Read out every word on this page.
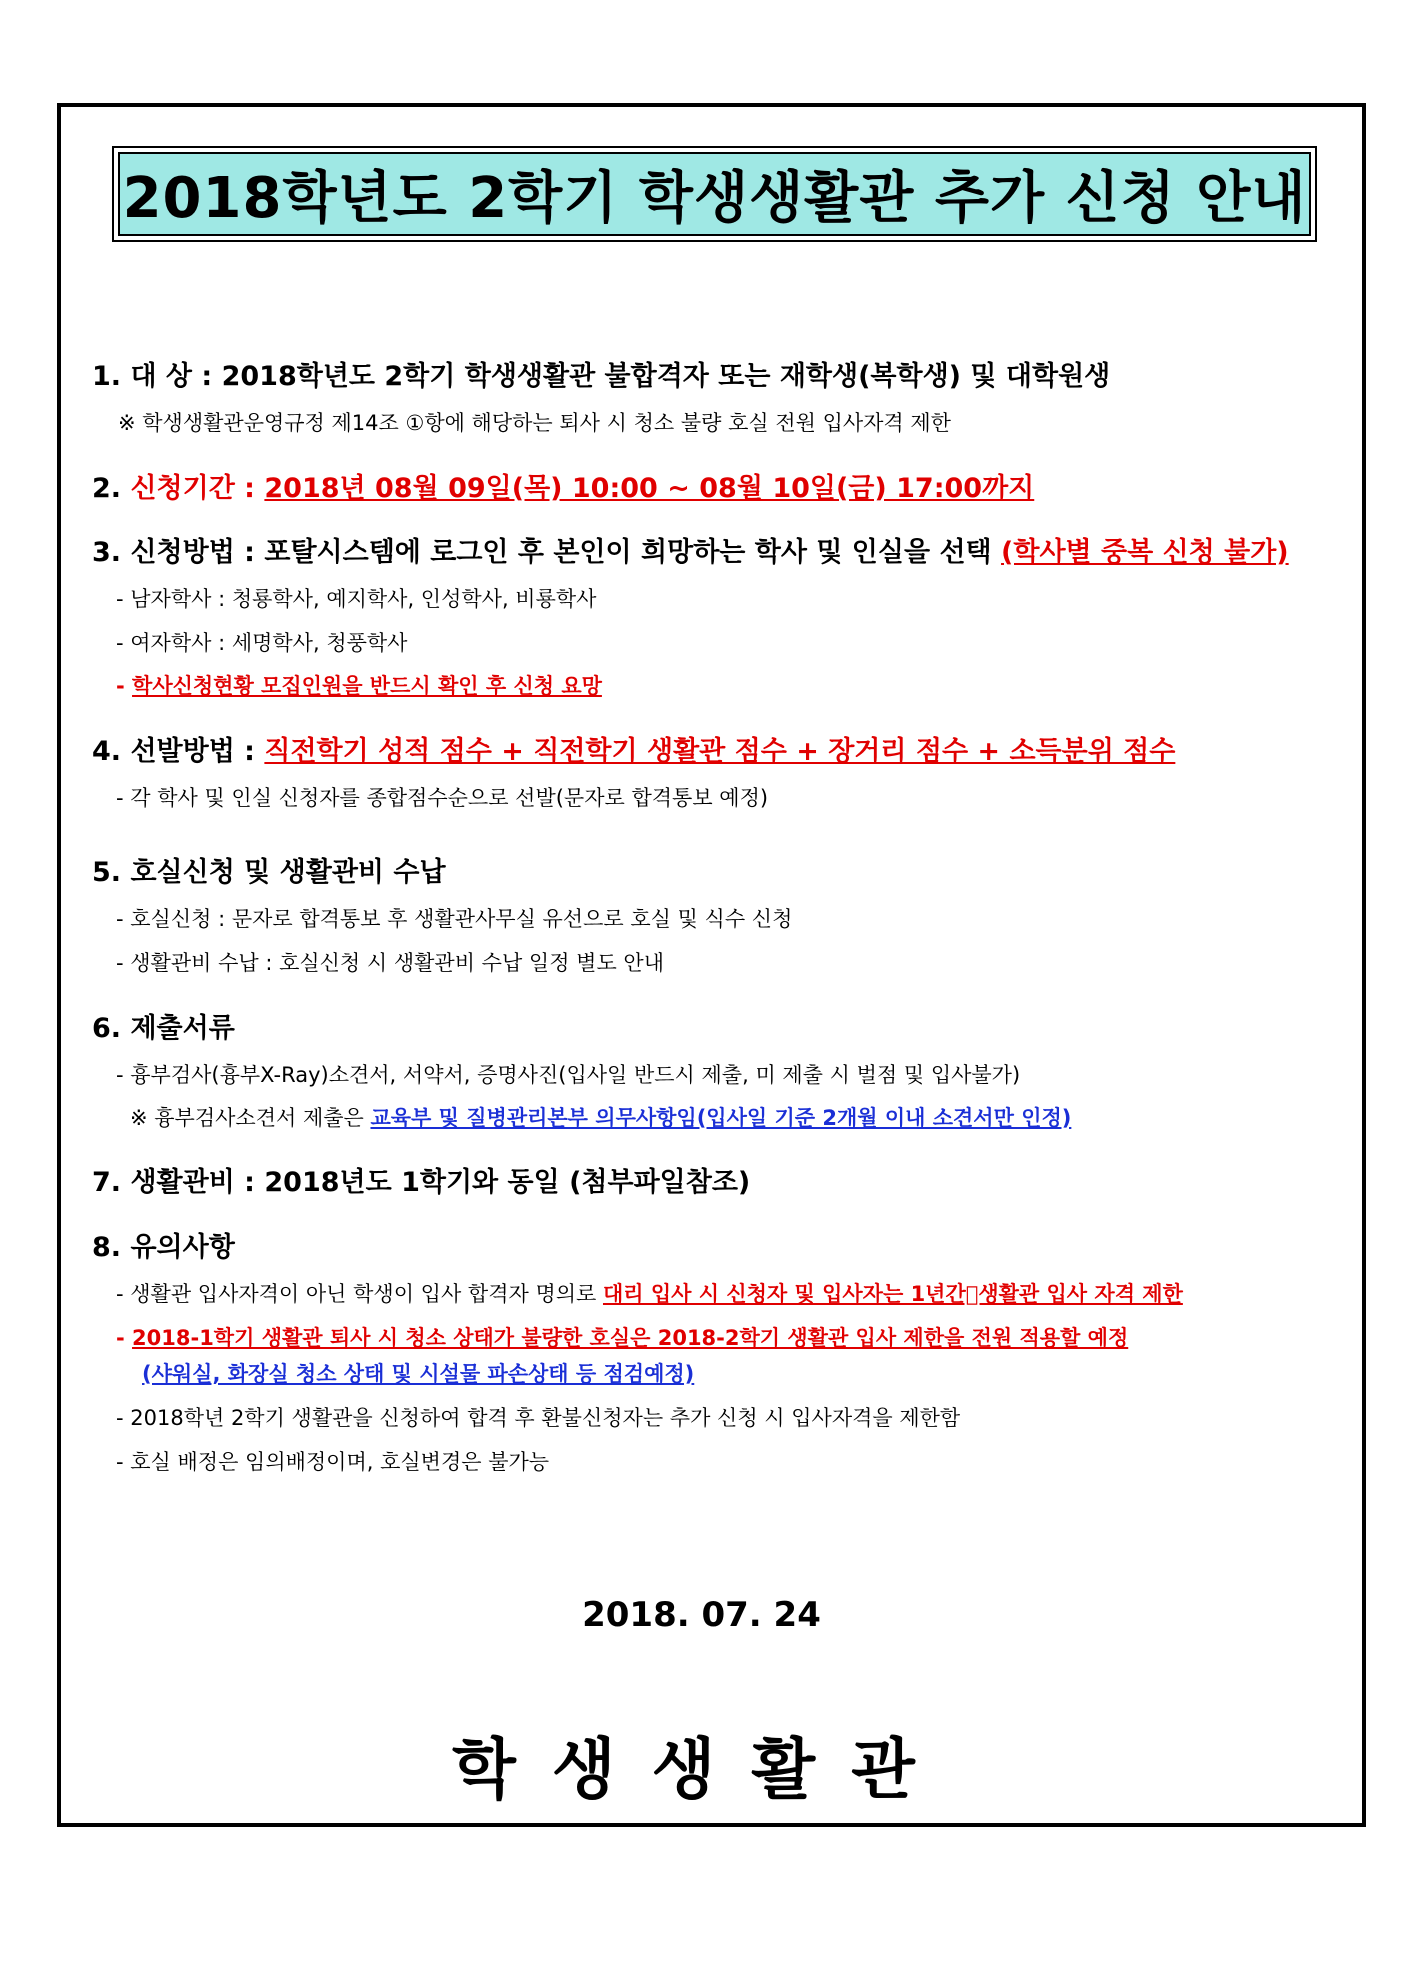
2018학년도 2학기 학생생활관 추가 신청 안내
1. 대 상 : 2018학년도 2학기 학생생활관 불합격자 또는 재학생(복학생) 및 대학원생
※ 학생생활관운영규정 제14조 ①항에 해당하는 퇴사 시 청소 불량 호실 전원 입사자격 제한
2. 신청기간 : 2018년 08월 09일(목) 10:00 ~ 08월 10일(금) 17:00까지
3. 신청방법 : 포탈시스템에 로그인 후 본인이 희망하는 학사 및 인실을 선택 (학사별 중복 신청 불가)
- 남자학사 : 청룡학사, 예지학사, 인성학사, 비룡학사
- 여자학사 : 세명학사, 청풍학사
- 학사신청현황 모집인원을 반드시 확인 후 신청 요망
4. 선발방법 : 직전학기 성적 점수 + 직전학기 생활관 점수 + 장거리 점수 + 소득분위 점수
- 각 학사 및 인실 신청자를 종합점수순으로 선발(문자로 합격통보 예정)
5. 호실신청 및 생활관비 수납
- 호실신청 : 문자로 합격통보 후 생활관사무실 유선으로 호실 및 식수 신청
- 생활관비 수납 : 호실신청 시 생활관비 수납 일정 별도 안내
6. 제출서류
- 흉부검사(흉부X-Ray)소견서, 서약서, 증명사진(입사일 반드시 제출, 미 제출 시 벌점 및 입사불가)
※ 흉부검사소견서 제출은 교육부 및 질병관리본부 의무사항임(입사일 기준 2개월 이내 소견서만 인정)
7. 생활관비 : 2018년도 1학기와 동일 (첨부파일참조)
8. 유의사항
- 생활관 입사자격이 아닌 학생이 입사 합격자 명의로 대리 입사 시 신청자 및 입사자는 1년간 생활관 입사 자격 제한
- 2018-1학기 생활관 퇴사 시 청소 상태가 불량한 호실은 2018-2학기 생활관 입사 제한을 전원 적용할 예정
(샤워실, 화장실 청소 상태 및 시설물 파손상태 등 점검예정)
- 2018학년 2학기 생활관을 신청하여 합격 후 환불신청자는 추가 신청 시 입사자격을 제한함
- 호실 배정은 임의배정이며, 호실변경은 불가능
2018. 07. 24
학생생활관
